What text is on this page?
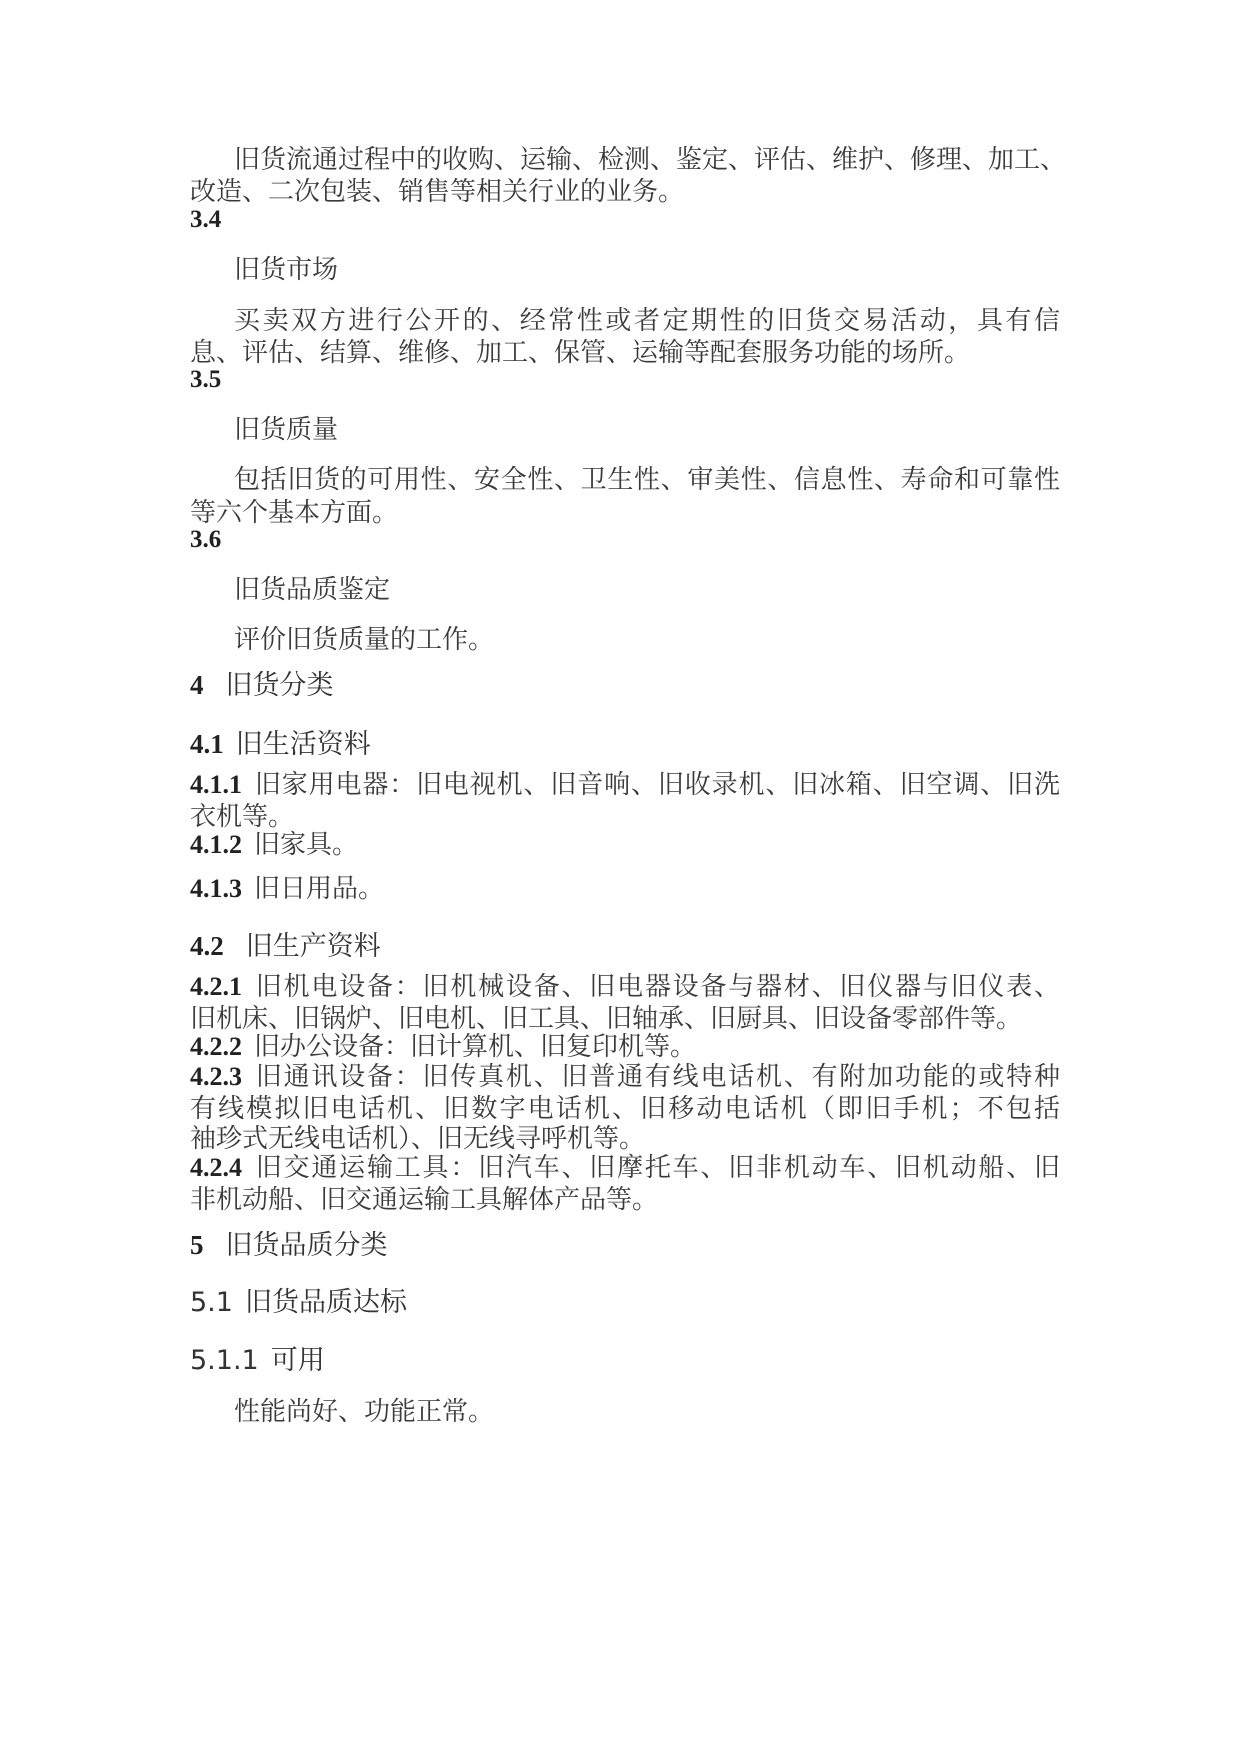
旧货流通过程中的收购、运输、检测、鉴定、评估、维护、修理、加工、
改造、二次包装、销售等相关行业的业务。
3.4
旧货市场
买卖双方进行公开的、经常性或者定期性的旧货交易活动，具有信
息、评估、结算、维修、加工、保管、运输等配套服务功能的场所。
3.5
旧货质量
包括旧货的可用性、安全性、卫生性、审美性、信息性、寿命和可靠性
等六个基本方面。
3.6
旧货品质鉴定
评价旧货质量的工作。
4 旧货分类
4.1 旧生活资料
4.1.1 旧家用电器：旧电视机、旧音响、旧收录机、旧冰箱、旧空调、旧洗
衣机等。
4.1.2 旧家具。
4.1.3 旧日用品。
4.2 旧生产资料
4.2.1 旧机电设备：旧机械设备、旧电器设备与器材、旧仪器与旧仪表、
旧机床、旧锅炉、旧电机、旧工具、旧轴承、旧厨具、旧设备零部件等。
4.2.2 旧办公设备：旧计算机、旧复印机等。
4.2.3 旧通讯设备：旧传真机、旧普通有线电话机、有附加功能的或特种
有线模拟旧电话机、旧数字电话机、旧移动电话机（即旧手机；不包括
袖珍式无线电话机）、旧无线寻呼机等。
4.2.4 旧交通运输工具：旧汽车、旧摩托车、旧非机动车、旧机动船、旧
非机动船、旧交通运输工具解体产品等。
5 旧货品质分类
5.1 旧货品质达标
5.1.1 可用
性能尚好、功能正常。
